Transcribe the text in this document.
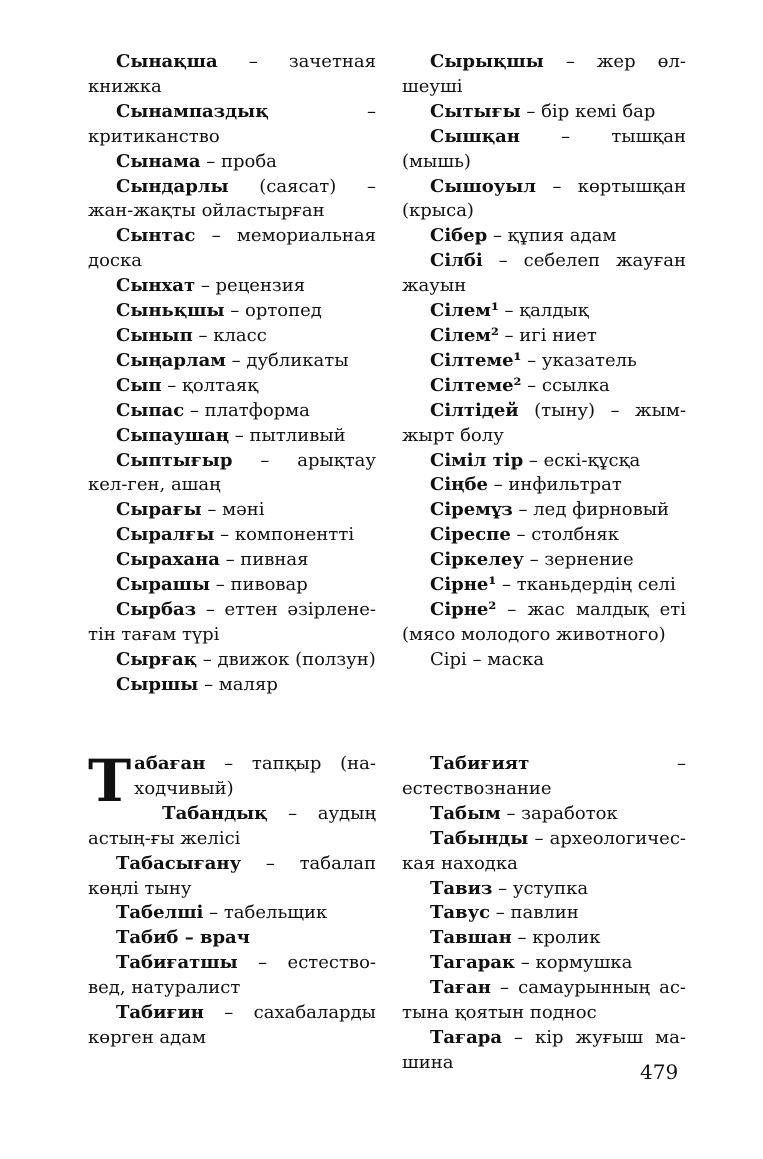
Сынақша – зачетная книжка

Сынампаздық – критиканство

Сынама – проба

Сындарлы (саясат) – жан-жақты ойластырған

Сынтас – мемориальная доска

Сынхат – рецензия

Сыньқшы – ортопед

Сынып – класс

Сыңарлам – дубликаты

Сып – қолтаяқ

Сыпас – платформа

Сыпаушаң – пытливый

Сыптығыр – арықтау кел-ген, ашаң

Сырағы – мәні

Сыралғы – компонентті

Сырахана – пивная

Сырашы – пивовар

Сырбаз – еттен әзірлене-тін тағам түрі

Сырғақ – движок (ползун)

Сыршы – маляр

Сырықшы – жер өл-шеуші

Сытығы – бір кемі бар

Сышқан – тышқан (мышь)

Сышоуыл – көртышқан (крыса)

Сібер – құпия адам

Сілбі – себелеп жауған жауын

Сілем¹ – қалдық

Сілем² – игі ниет

Сілтеме¹ – указатель

Сілтеме² – ссылка

Сілтідей (тыну) – жым-жырт болу

Сіміл тір – ескі-құсқа

Сіңбе – инфильтрат

Сіремұз – лед фирновый

Сіреспе – столбняк

Сіркелеу – зернение

Сірне¹ – тканьдердің селі

Сірне² – жас малдық еті (мясо молодого животного)

Сірі – маска

Табаған – тапқыр (на-ходчивый)

Табандық – аудың астың-ғы желісі

Табасығану – табалап көңлі тыну

Табелші – табельщик

Табиб – врач

Табиғатшы – естество-вед, натуралист

Табиғин – сахабаларды көрген адам

Табиғият – естествознание

Табым – заработок

Табынды – археологичес-кая находка

Тавиз – уступка

Тавус – павлин

Тавшан – кролик

Тагарак – кормушка

Таған – самаурынның ас-тына қоятын поднос

Тағара – кір жуғыш ма-шина	479
